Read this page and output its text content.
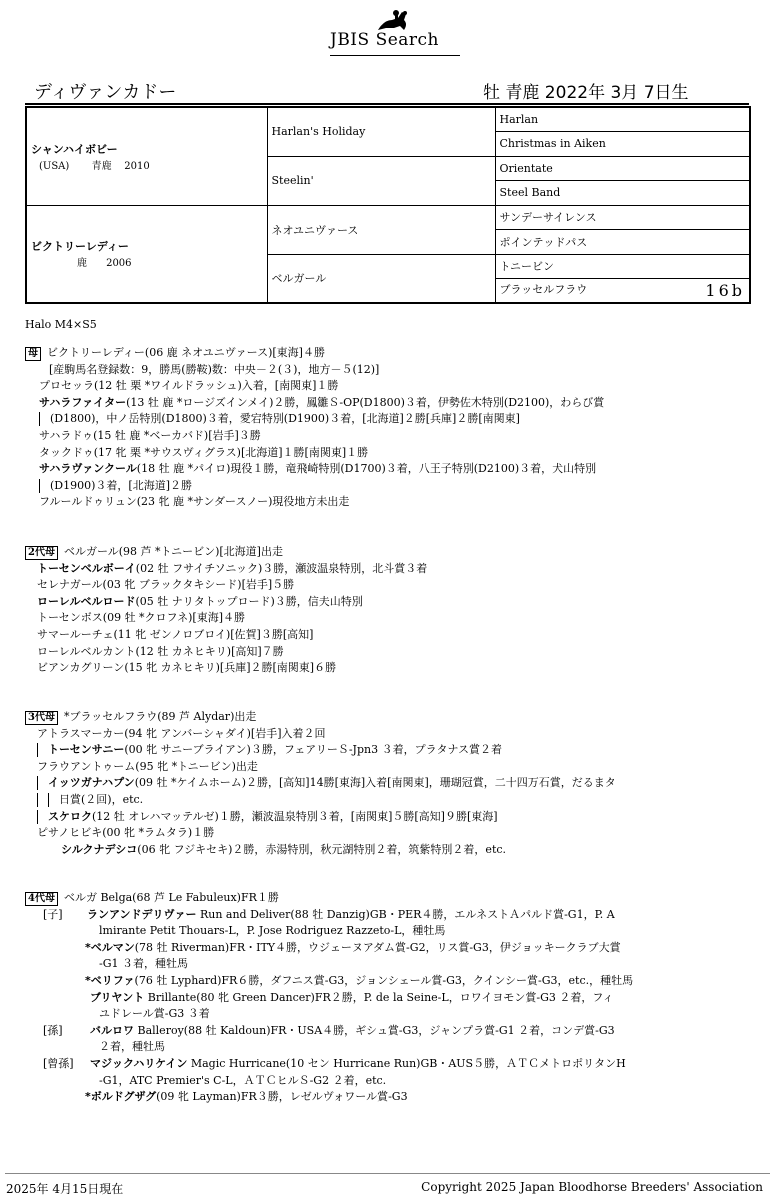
JBIS Search
ディヴァンカドー	牡 青鹿 2022年 3月 7日生
シャンハイボビー
(USA) 青鹿 2010	Harlan's Holiday	Harlan
		Christmas in Aiken
	Steelin'	Orientate
		Steel Band

ビクトリーレディー
鹿 2006	ネオユニヴァース	サンデーサイレンス
		ポインテッドパス
	ベルガール	トニービン
		ブラッセルフラウ 16b
Halo M4×S5
母 ビクトリーレディー(06 鹿 ネオユニヴァース)[東海]４勝
[産駒馬名登録数：9，勝馬(勝鞍)数：中央－２(３)，地方－５(12)]
プロセッラ(12 牡 栗 *ワイルドラッシュ)入着，[南関東]１勝
サハラファイター(13 牡 鹿 *ロージズインメイ)２勝，鳳雛Ｓ-OP(D1800)３着，伊勢佐木特別(D2100)，わらび賞
(D1800)，中ノ岳特別(D1800)３着，愛宕特別(D1900)３着，[北海道]２勝[兵庫]２勝[南関東]
サハラドゥ(15 牡 鹿 *ベーカバド)[岩手]３勝
タックドゥ(17 牝 栗 *サウスヴィグラス)[北海道]１勝[南関東]１勝
サハラヴァンクール(18 牡 鹿 *パイロ)現役１勝，竜飛崎特別(D1700)３着，八王子特別(D2100)３着，犬山特別
(D1900)３着，[北海道]２勝
フルールドゥリュン(23 牝 鹿 *サンダースノー)現役地方未出走
2代母 ベルガール(98 芦 *トニービン)[北海道]出走
トーセンベルボーイ(02 牡 フサイチソニック)３勝，瀬波温泉特別，北斗賞３着
セレナガール(03 牝 ブラックタキシード)[岩手]５勝
ローレルベルロード(05 牡 ナリタトップロード)３勝，信夫山特別
トーセンボス(09 牡 *クロフネ)[東海]４勝
サマールーチェ(11 牝 ゼンノロブロイ)[佐賀]３勝[高知]
ローレルベルカント(12 牡 カネヒキリ)[高知]７勝
ビアンカグリーン(15 牝 カネヒキリ)[兵庫]２勝[南関東]６勝
3代母 *ブラッセルフラウ(89 芦 Alydar)出走
アトラスマーカー(94 牝 アンバーシャダイ)[岩手]入着２回
トーセンサニー(00 牝 サニーブライアン)３勝，フェアリーＳ-Jpn3 ３着，プラタナス賞２着
フラウアントゥーム(95 牝 *トニービン)出走
イッツガナハプン(09 牡 *ケイムホーム)２勝，[高知]14勝[東海]入着[南関東]，珊瑚冠賞，二十四万石賞，だるまタ
日賞(２回)，etc.
スケロク(12 牡 オレハマッテルゼ)１勝，瀬波温泉特別３着，[南関東]５勝[高知]９勝[東海]
ピサノヒビキ(00 牝 *ラムタラ)１勝
シルクナデシコ(06 牝 フジキセキ)２勝，赤湯特別，秋元湖特別２着，筑紫特別２着，etc.
4代母 ベルガ Belga(68 芦 Le Fabuleux)FR１勝
[子] ランアンドデリヴァー Run and Deliver(88 牡 Danzig)GB・PER４勝，エルネストＡパルド賞-G1，P. A
lmirante Petit Thouars-L，P. Jose Rodriguez Razzeto-L，種牡馬
*ベルマン(78 牡 Riverman)FR・ITY４勝，ウジェーヌアダム賞-G2，リス賞-G3，伊ジョッキークラブ大賞
-G1 ３着，種牡馬
*ベリファ(76 牡 Lyphard)FR６勝，ダフニス賞-G3，ジョンシェール賞-G3，クインシー賞-G3，etc.，種牡馬
ブリヤント Brillante(80 牝 Green Dancer)FR２勝，P. de la Seine-L，ロワイヨモン賞-G3 ２着，フィ
ユドレール賞-G3 ３着
[孫] バルロワ Balleroy(88 牡 Kaldoun)FR・USA４勝，ギシュ賞-G3，ジャンプラ賞-G1 ２着，コンデ賞-G3
２着，種牡馬
[曾孫] マジックハリケイン Magic Hurricane(10 セン Hurricane Run)GB・AUS５勝，ＡＴＣメトロポリタンH
-G1，ATC Premier's C-L，ＡＴＣヒルＳ-G2 ２着，etc.
*ボルドグザグ(09 牝 Layman)FR３勝，レゼルヴォワール賞-G3
2025年 4月15日現在	Copyright 2025 Japan Bloodhorse Breeders' Association
